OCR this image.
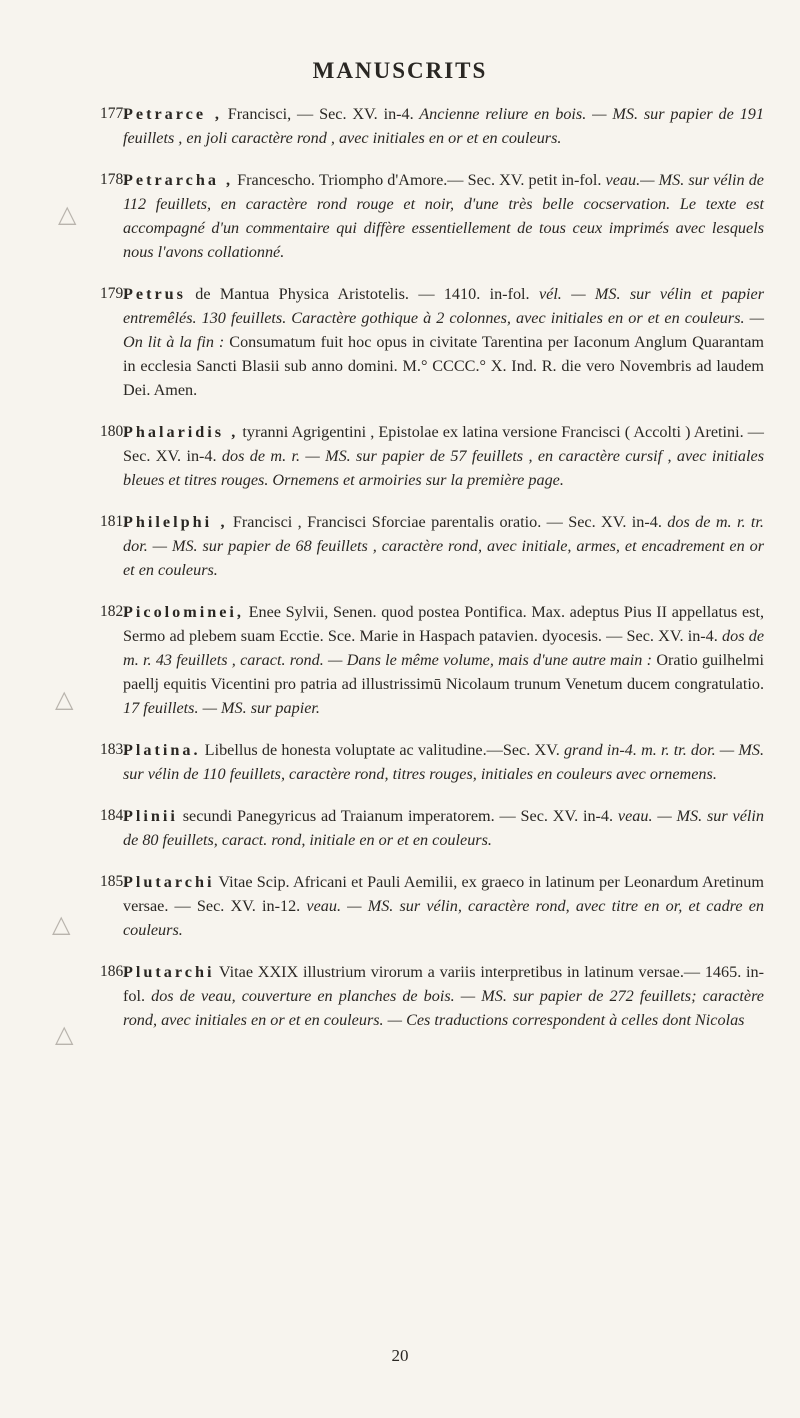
△
△
△
△
MANUSCRITS
177.
Petrarce , Francisci, — Sec. XV. in-4. Ancienne reliure en bois. — MS. sur papier de 191 feuillets , en joli caractère rond , avec initiales en or et en couleurs.
178.
Petrarcha , Franceschо. Triompho d'Amore.— Sec. XV. petit in-fol. veau.— MS. sur vélin de 112 feuillets, en caractère rond rouge et noir, d'une très belle cocservation. Le texte est accompagné d'un commentaire qui diffère essentiellement de tous ceux imprimés avec lesquels nous l'avons collationné.
179.
Petrus de Mantua Physica Aristotelis. — 1410. in-fol. vél. — MS. sur vélin et papier entremêlés. 130 feuillets. Caractère gothique à 2 colonnes, avec initiales en or et en couleurs. — On lit à la fin : Consumatum fuit hoc opus in civitate Tarentina per Iaconum Anglum Quarantam in ecclesia Sancti Blasii sub anno domini. M.° CCCC.° X. Ind. R. die vero Novembris ad laudem Dei. Amen.
180.
Phalaridis , tyranni Agrigentini , Epistolae ex latina versione Francisci ( Accolti ) Aretini. — Sec. XV. in-4. dos de m. r. — MS. sur papier de 57 feuillets , en caractère cursif , avec initiales bleues et titres rouges. Ornemens et armoiries sur la première page.
181.
Philelphi , Francisci , Francisci Sforciae parentalis oratio. — Sec. XV. in-4. dos de m. r. tr. dor. — MS. sur papier de 68 feuillets , caractère rond, avec initiale, armes, et encadrement en or et en couleurs.
182.
Picolominei, Enee Sylvii, Senen. quod postea Pontifica. Max. adeptus Pius II appellatus est, Sermo ad plebem suam Ecctie. Sce. Marie in Haspach patavien. dyocesis. — Sec. XV. in-4. dos de m. r. 43 feuillets , caract. rond. — Dans le même volume, mais d'une autre main : Oratio guilhelmi paellj equitis Vicentini pro patria ad illustrissimū Nicolaum trunum Venetum ducem congratulatio. 17 feuillets. — MS. sur papier.
183.
Platina. Libellus de honesta voluptate ac valitudine.—Sec. XV. grand in-4. m. r. tr. dor. — MS. sur vélin de 110 feuillets, caractère rond, titres rouges, initiales en couleurs avec ornemens.
184.
Plinii secundi Panegyricus ad Traianum imperatorem. — Sec. XV. in-4. veau. — MS. sur vélin de 80 feuillets, caract. rond, initiale en or et en couleurs.
185.
Plutarchi Vitae Scip. Africani et Pauli Aemilii, ex graeco in latinum per Leonardum Aretinum versae. — Sec. XV. in-12. veau. — MS. sur vélin, caractère rond, avec titre en or, et cadre en couleurs.
186.
Plutarchi Vitae XXIX illustrium virorum a variis interpretibus in latinum versae.— 1465. in-fol. dos de veau, couverture en planches de bois. — MS. sur papier de 272 feuillets; caractère rond, avec initiales en or et en couleurs. — Ces traductions correspondent à celles dont Nicolas
20
